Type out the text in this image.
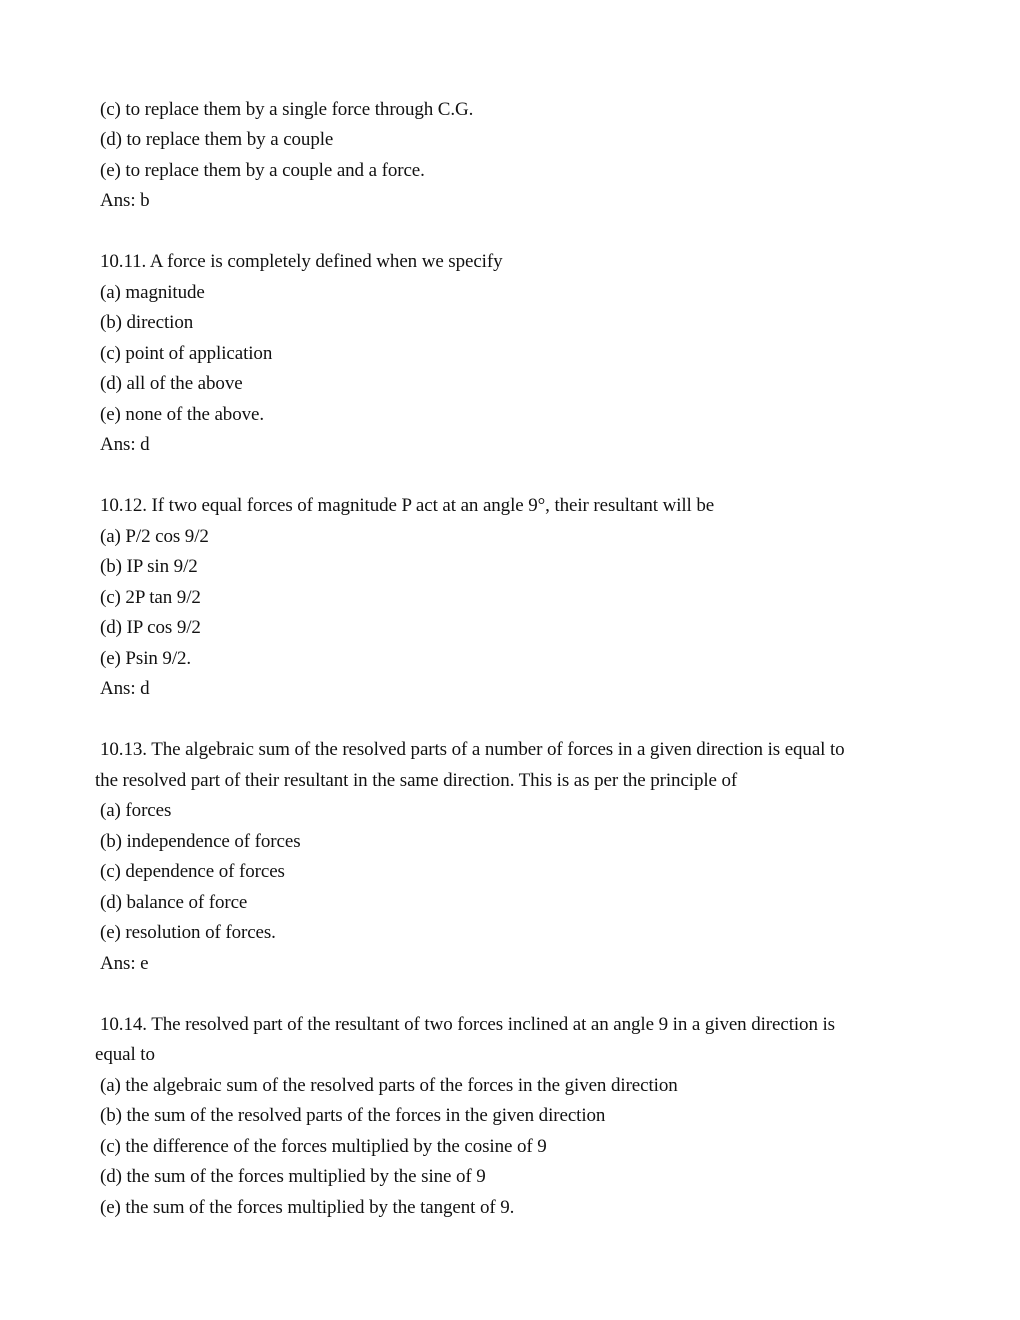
(c) to replace them by a single force through C.G.
(d) to replace them by a couple
(e) to replace them by a couple and a force.
Ans: b
10.11. A force is completely defined when we specify
(a) magnitude
(b) direction
(c) point of application
(d) all of the above
(e) none of the above.
Ans: d
10.12. If two equal forces of magnitude P act at an angle 9°, their resultant will be
(a) P/2 cos 9/2
(b) IP sin 9/2
(c) 2P tan 9/2
(d) IP cos 9/2
(e) Psin 9/2.
Ans: d
10.13. The algebraic sum of the resolved parts of a number of forces in a given direction is equal to
the resolved part of their resultant in the same direction. This is as per the principle of
(a) forces
(b) independence of forces
(c) dependence of forces
(d) balance of force
(e) resolution of forces.
Ans: e
10.14. The resolved part of the resultant of two forces inclined at an angle 9 in a given direction is
equal to
(a) the algebraic sum of the resolved parts of the forces in the given direction
(b) the sum of the resolved parts of the forces in the given direction
(c) the difference of the forces multiplied by the cosine of 9
(d) the sum of the forces multiplied by the sine of 9
(e) the sum of the forces multiplied by the tangent of 9.
